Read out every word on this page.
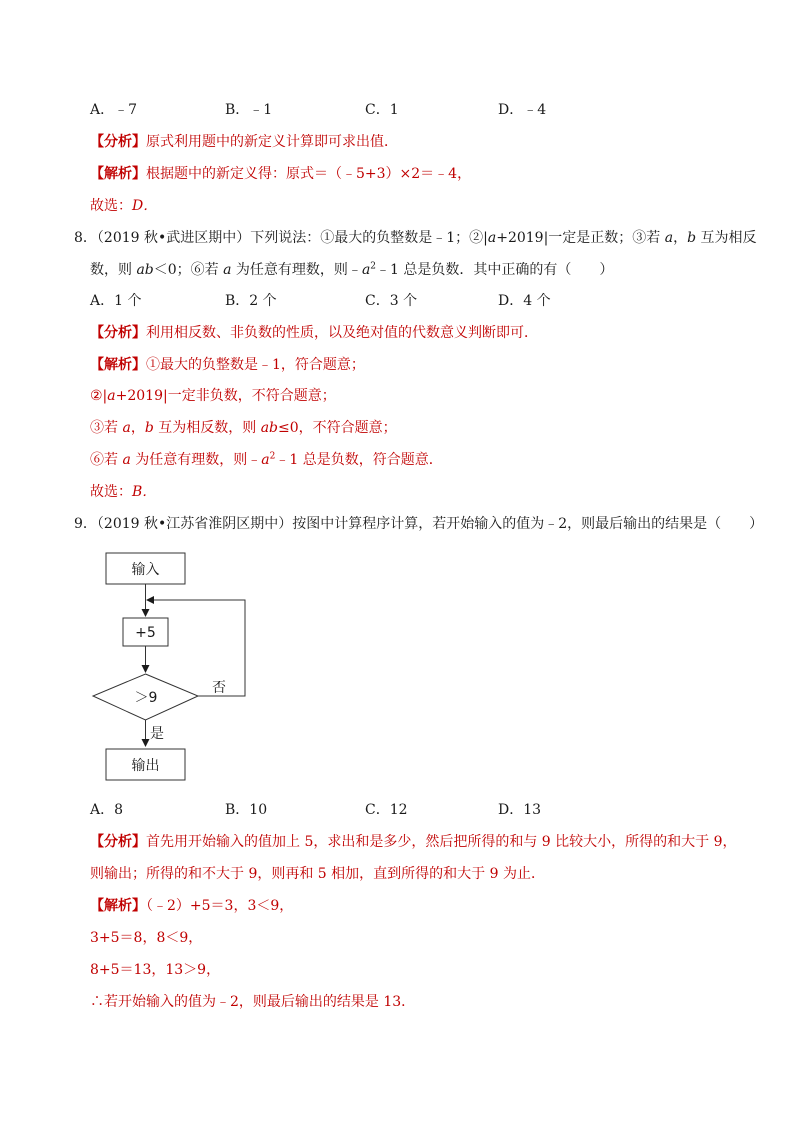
A．﹣7	B．﹣1	C．1	D．﹣4
【分析】原式利用题中的新定义计算即可求出值．
【解析】根据题中的新定义得：原式＝（﹣5+3）×2＝﹣4，
故选：D．
8．（2019 秋•武进区期中）下列说法：①最大的负整数是﹣1；②|a+2019|一定是正数；③若 a，b 互为相反
数，则 ab＜0；⑥若 a 为任意有理数，则$﹣a^2﹣1$ 总是负数．其中正确的有（　　）
A．1 个	B．2 个	C．3 个	D．4 个
【分析】利用相反数、非负数的性质，以及绝对值的代数意义判断即可．
【解析】①最大的负整数是﹣1，符合题意；
②|a+2019|一定非负数，不符合题意；
③若 a，b 互为相反数，则 ab≤0，不符合题意；
⑥若 a 为任意有理数，则$﹣a^2﹣1$ 总是负数，符合题意．
故选：B．
9．（2019 秋•江苏省淮阴区期中）按图中计算程序计算，若开始输入的值为﹣2，则最后输出的结果是（　　）
输入
+5
＞9
否
是
输出
A．8	B．10	C．12	D．13
【分析】首先用开始输入的值加上 5，求出和是多少，然后把所得的和与 9 比较大小，所得的和大于 9，
则输出；所得的和不大于 9，则再和 5 相加，直到所得的和大于 9 为止．
【解析】（﹣2）+5＝3，3＜9，
3+5＝8，8＜9，
8+5＝13，13＞9，
∴若开始输入的值为﹣2，则最后输出的结果是 13．
